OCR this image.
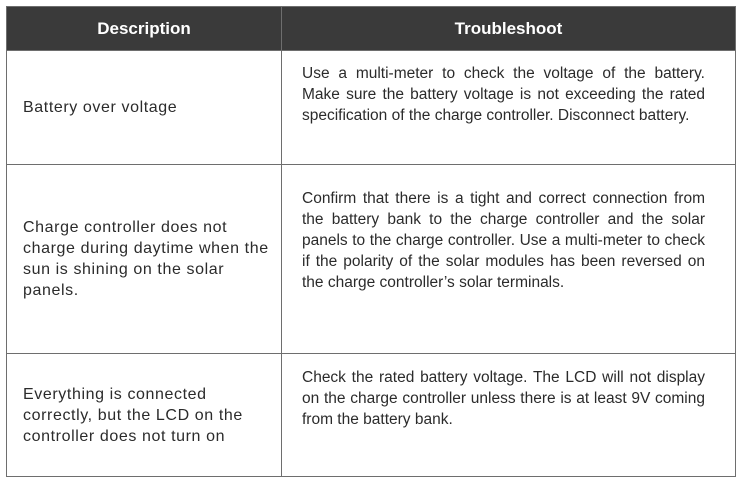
Description	Troubleshoot
Battery over voltage	Use a multi-meter to check the voltage of the battery. Make sure the battery voltage is not exceeding the rated specification of the charge controller. Disconnect battery.

Charge controller does not charge during daytime when the sun is shining on the solar panels.	Confirm that there is a tight and correct connection from the battery bank to the charge controller and the solar panels to the charge controller. Use a multi-meter to check if the polarity of the solar modules has been reversed on the charge controller’s solar terminals.

Everything is connected correctly, but the LCD on the controller does not turn on	Check the rated battery voltage. The LCD will not display on the charge controller unless there is at least 9V coming from the battery bank.
